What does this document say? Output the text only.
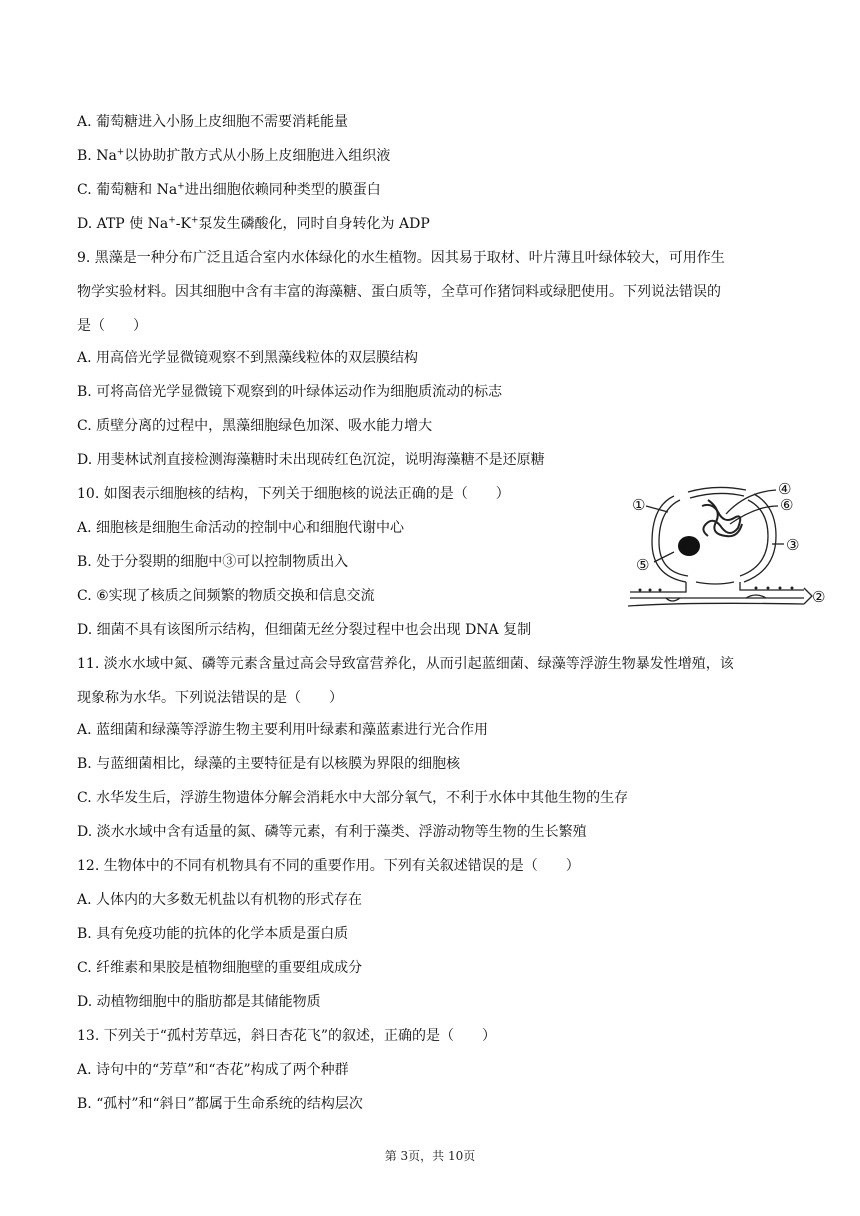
A. 葡萄糖进入小肠上皮细胞不需要消耗能量
B. Na+以协助扩散方式从小肠上皮细胞进入组织液
C. 葡萄糖和 Na+进出细胞依赖同种类型的膜蛋白
D. ATP 使 Na+-K+泵发生磷酸化，同时自身转化为 ADP
9. 黑藻是一种分布广泛且适合室内水体绿化的水生植物。因其易于取材、叶片薄且叶绿体较大，可用作生
物学实验材料。因其细胞中含有丰富的海藻糖、蛋白质等，全草可作猪饲料或绿肥使用。下列说法错误的
是（　　）
A. 用高倍光学显微镜观察不到黑藻线粒体的双层膜结构
B. 可将高倍光学显微镜下观察到的叶绿体运动作为细胞质流动的标志
C. 质壁分离的过程中，黑藻细胞绿色加深、吸水能力增大
D. 用斐林试剂直接检测海藻糖时未出现砖红色沉淀，说明海藻糖不是还原糖
10. 如图表示细胞核的结构，下列关于细胞核的说法正确的是（　　）
A. 细胞核是细胞生命活动的控制中心和细胞代谢中心
B. 处于分裂期的细胞中③可以控制物质出入
C. ⑥实现了核质之间频繁的物质交换和信息交流
D. 细菌不具有该图所示结构，但细菌无丝分裂过程中也会出现 DNA 复制
①
②
③
④
⑤
⑥
11. 淡水水域中氮、磷等元素含量过高会导致富营养化，从而引起蓝细菌、绿藻等浮游生物暴发性增殖，该
现象称为水华。下列说法错误的是（　　）
A. 蓝细菌和绿藻等浮游生物主要利用叶绿素和藻蓝素进行光合作用
B. 与蓝细菌相比，绿藻的主要特征是有以核膜为界限的细胞核
C. 水华发生后，浮游生物遗体分解会消耗水中大部分氧气，不利于水体中其他生物的生存
D. 淡水水域中含有适量的氮、磷等元素，有利于藻类、浮游动物等生物的生长繁殖
12. 生物体中的不同有机物具有不同的重要作用。下列有关叙述错误的是（　　）
A. 人体内的大多数无机盐以有机物的形式存在
B. 具有免疫功能的抗体的化学本质是蛋白质
C. 纤维素和果胶是植物细胞壁的重要组成成分
D. 动植物细胞中的脂肪都是其储能物质
13. 下列关于“孤村芳草远，斜日杏花飞”的叙述，正确的是（　　）
A. 诗句中的“芳草”和“杏花”构成了两个种群
B. “孤村”和“斜日”都属于生命系统的结构层次
第 3页，共 10页
